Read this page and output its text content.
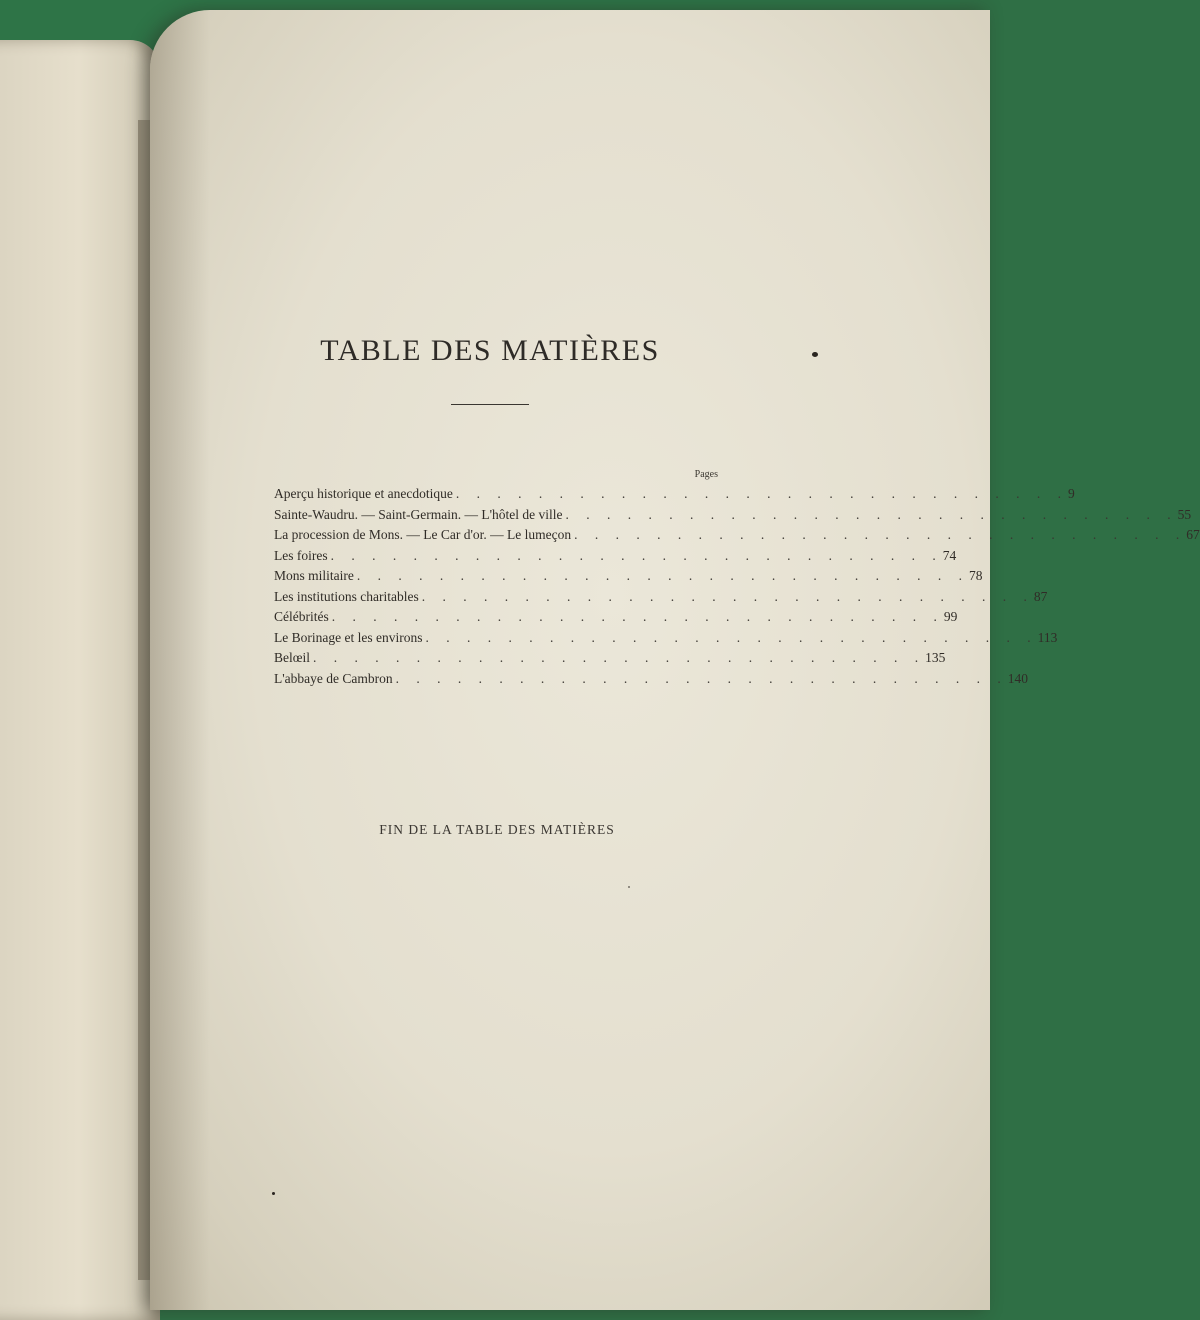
TABLE DES MATIÈRES
Pages
Aperçu historique et anecdotique . . . . . . . . . . . . . . . . . . . . . . . . . . . . . . 9
Sainte-Waudru. — Saint-Germain. — L'hôtel de ville . . . . . . . . . . . . . . . . . . . . . . . . . . . . . . 55
La procession de Mons. — Le Car d'or. — Le lumeçon . . . . . . . . . . . . . . . . . . . . . . . . . . . . . . 67
Les foires . . . . . . . . . . . . . . . . . . . . . . . . . . . . . . 74
Mons militaire . . . . . . . . . . . . . . . . . . . . . . . . . . . . . . 78
Les institutions charitables . . . . . . . . . . . . . . . . . . . . . . . . . . . . . . 87
Célébrités . . . . . . . . . . . . . . . . . . . . . . . . . . . . . . 99
Le Borinage et les environs . . . . . . . . . . . . . . . . . . . . . . . . . . . . . . 113
Belœil . . . . . . . . . . . . . . . . . . . . . . . . . . . . . . 135
L'abbaye de Cambron . . . . . . . . . . . . . . . . . . . . . . . . . . . . . . 140
FIN DE LA TABLE DES MATIÈRES
